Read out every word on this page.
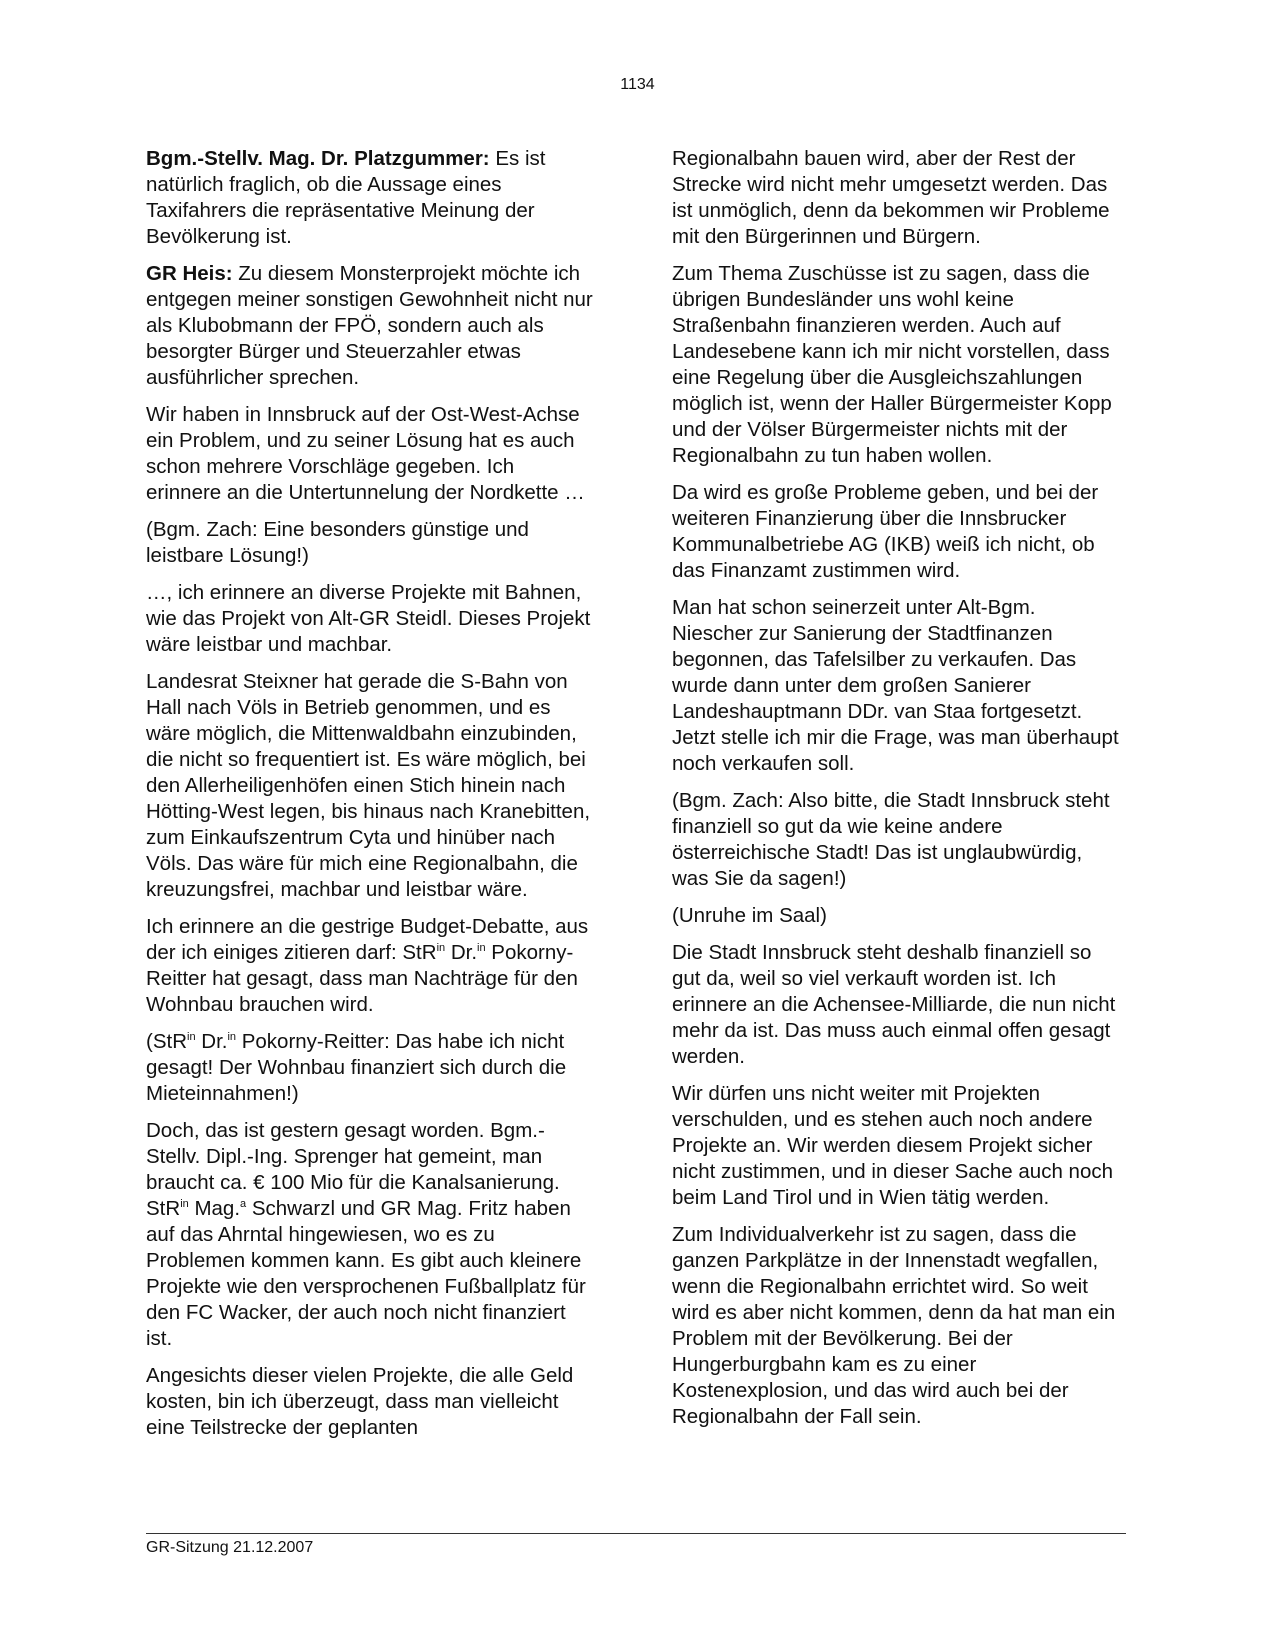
1134

Bgm.-Stellv. Mag. Dr. Platzgummer: Es ist natürlich fraglich, ob die Aussage eines Taxifahrers die repräsentative Meinung der Bevölkerung ist.

GR Heis: Zu diesem Monsterprojekt möchte ich entgegen meiner sonstigen Gewohnheit nicht nur als Klubobmann der FPÖ, sondern auch als besorgter Bürger und Steuerzahler etwas ausführlicher sprechen.

Wir haben in Innsbruck auf der Ost-West-Achse ein Problem, und zu seiner Lösung hat es auch schon mehrere Vorschläge gegeben. Ich erinnere an die Untertunnelung der Nordkette …

(Bgm. Zach: Eine besonders günstige und leistbare Lösung!)

…, ich erinnere an diverse Projekte mit Bahnen, wie das Projekt von Alt-GR Steidl. Dieses Projekt wäre leistbar und machbar.

Landesrat Steixner hat gerade die S-Bahn von Hall nach Völs in Betrieb genommen, und es wäre möglich, die Mittenwaldbahn einzubinden, die nicht so frequentiert ist. Es wäre möglich, bei den Allerheiligenhöfen einen Stich hinein nach Hötting-West legen, bis hinaus nach Kranebitten, zum Einkaufszentrum Cyta und hinüber nach Völs. Das wäre für mich eine Regionalbahn, die kreuzungsfrei, machbar und leistbar wäre.

Ich erinnere an die gestrige Budget-Debatte, aus der ich einiges zitieren darf: StR$^{in}$ Dr.$^{in}$ Pokorny-Reitter hat gesagt, dass man Nachträge für den Wohnbau brauchen wird.

(StR$^{in}$ Dr.$^{in}$ Pokorny-Reitter: Das habe ich nicht gesagt! Der Wohnbau finanziert sich durch die Mieteinnahmen!)

Doch, das ist gestern gesagt worden. Bgm.-Stellv. Dipl.-Ing. Sprenger hat gemeint, man braucht ca. € 100 Mio für die Kanalsanierung. StR$^{in}$ Mag.$^a$ Schwarzl und GR Mag. Fritz haben auf das Ahrntal hingewiesen, wo es zu Problemen kommen kann. Es gibt auch kleinere Projekte wie den versprochenen Fußballplatz für den FC Wacker, der auch noch nicht finanziert ist.

Angesichts dieser vielen Projekte, die alle Geld kosten, bin ich überzeugt, dass man vielleicht eine Teilstrecke der geplanten

Regionalbahn bauen wird, aber der Rest der Strecke wird nicht mehr umgesetzt werden. Das ist unmöglich, denn da bekommen wir Probleme mit den Bürgerinnen und Bürgern.

Zum Thema Zuschüsse ist zu sagen, dass die übrigen Bundesländer uns wohl keine Straßenbahn finanzieren werden. Auch auf Landesebene kann ich mir nicht vorstellen, dass eine Regelung über die Ausgleichszahlungen möglich ist, wenn der Haller Bürgermeister Kopp und der Völser Bürgermeister nichts mit der Regionalbahn zu tun haben wollen.

Da wird es große Probleme geben, und bei der weiteren Finanzierung über die Innsbrucker Kommunalbetriebe AG (IKB) weiß ich nicht, ob das Finanzamt zustimmen wird.

Man hat schon seinerzeit unter Alt-Bgm. Niescher zur Sanierung der Stadtfinanzen begonnen, das Tafelsilber zu verkaufen. Das wurde dann unter dem großen Sanierer Landeshauptmann DDr. van Staa fortgesetzt. Jetzt stelle ich mir die Frage, was man überhaupt noch verkaufen soll.

(Bgm. Zach: Also bitte, die Stadt Innsbruck steht finanziell so gut da wie keine andere österreichische Stadt! Das ist unglaubwürdig, was Sie da sagen!)

(Unruhe im Saal)

Die Stadt Innsbruck steht deshalb finanziell so gut da, weil so viel verkauft worden ist. Ich erinnere an die Achensee-Milliarde, die nun nicht mehr da ist. Das muss auch einmal offen gesagt werden.

Wir dürfen uns nicht weiter mit Projekten verschulden, und es stehen auch noch andere Projekte an. Wir werden diesem Projekt sicher nicht zustimmen, und in dieser Sache auch noch beim Land Tirol und in Wien tätig werden.

Zum Individualverkehr ist zu sagen, dass die ganzen Parkplätze in der Innenstadt wegfallen, wenn die Regionalbahn errichtet wird. So weit wird es aber nicht kommen, denn da hat man ein Problem mit der Bevölkerung. Bei der Hungerburgbahn kam es zu einer Kostenexplosion, und das wird auch bei der Regionalbahn der Fall sein.

GR-Sitzung 21.12.2007
